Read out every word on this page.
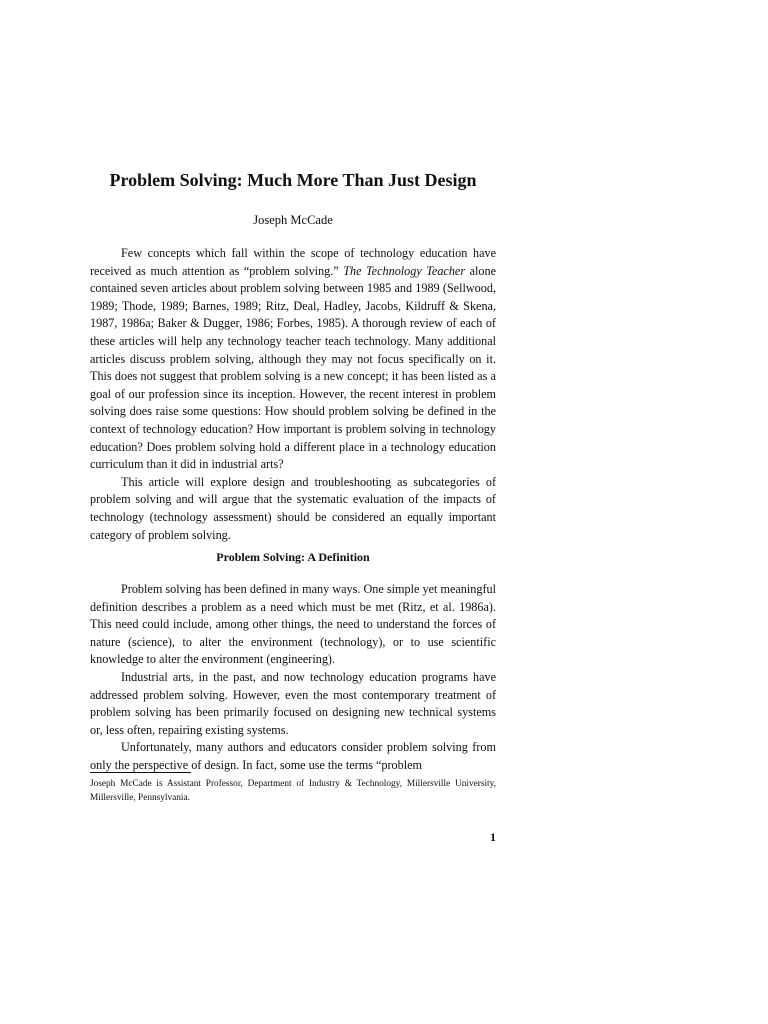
Problem Solving: Much More Than Just Design
Joseph McCade

Few concepts which fall within the scope of technology education have received as much attention as “problem solving.” The Technology Teacher alone contained seven articles about problem solving between 1985 and 1989 (Sellwood, 1989; Thode, 1989; Barnes, 1989; Ritz, Deal, Hadley, Jacobs, Kildruff & Skena, 1987, 1986a; Baker & Dugger, 1986; Forbes, 1985). A thorough review of each of these articles will help any technology teacher teach technology. Many additional articles discuss problem solving, although they may not focus specifically on it. This does not suggest that problem solving is a new concept; it has been listed as a goal of our profession since its inception. However, the recent interest in problem solving does raise some questions: How should problem solving be defined in the context of technology education? How important is problem solving in technology education? Does problem solving hold a different place in a technology education curriculum than it did in industrial arts?

This article will explore design and troubleshooting as subcategories of problem solving and will argue that the systematic evaluation of the impacts of technology (technology assessment) should be considered an equally important category of problem solving.

Problem Solving: A Definition

Problem solving has been defined in many ways. One simple yet meaningful definition describes a problem as a need which must be met (Ritz, et al. 1986a). This need could include, among other things, the need to understand the forces of nature (science), to alter the environment (technology), or to use scientific knowledge to alter the environment (engineering).

Industrial arts, in the past, and now technology education programs have addressed problem solving. However, even the most contemporary treatment of problem solving has been primarily focused on designing new technical systems or, less often, repairing existing systems.

Unfortunately, many authors and educators consider problem solving from only the perspective of design. In fact, some use the terms “problem

Joseph McCade is Assistant Professor, Department of Industry & Technology, Millersville University, Millersville, Pennsylvania.

1
